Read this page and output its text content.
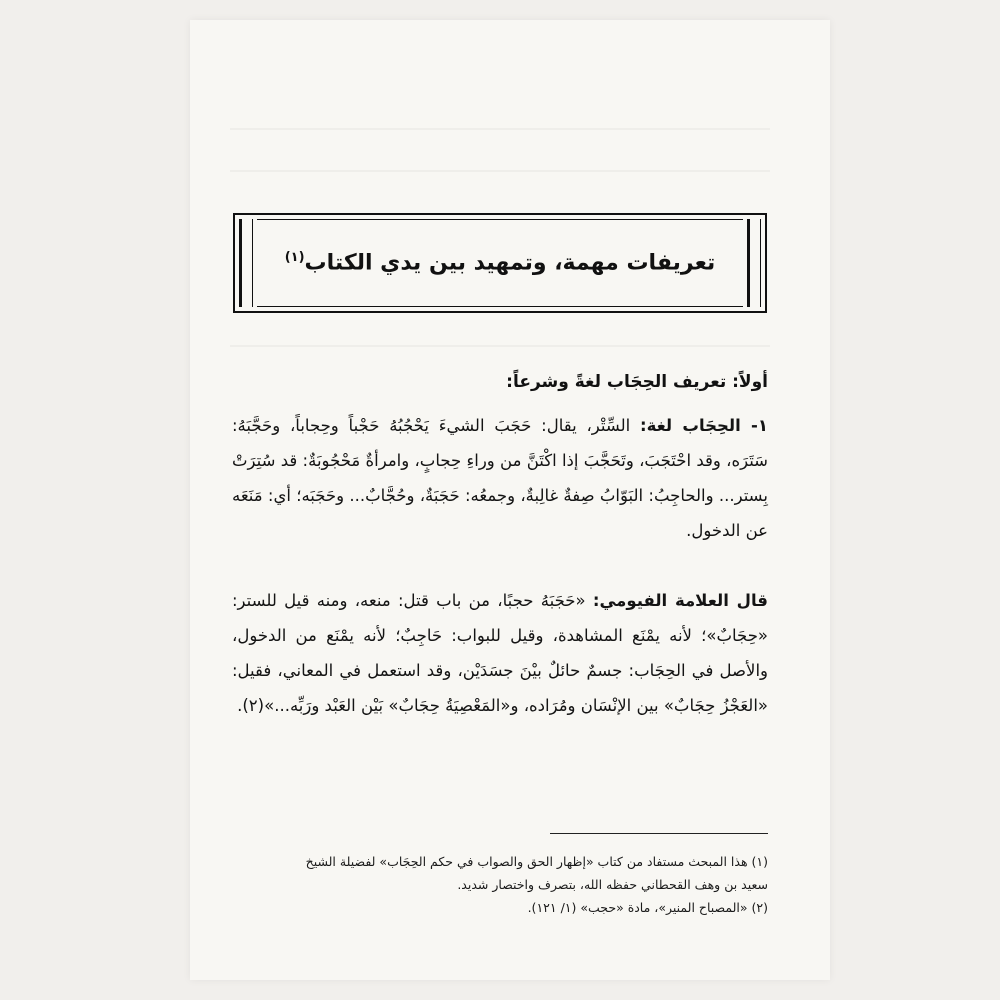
تعريفات مهمة، وتمهيد بين يدي الكتاب$^{(١)}$
أولاً: تعريف الحِجَاب لغةً وشرعاً:
١- الحِجَاب لغة: السِّتْر، يقال: حَجَبَ الشيءَ يَحْجُبُهُ حَجْباً وحِجاباً، وحَجَّبَهُ: سَتَرَه، وقد احْتَجَبَ، وتَحَجَّبَ إذا اكْتَنَّ من وراءِ حِجابٍ، وامرأةٌ مَحْجُوبَةٌ: قد سُتِرَتْ بِستر... والحاجِبُ: البَوّابُ صِفةٌ غالِبةٌ، وجمعُه: حَجَبَةٌ، وحُجَّابٌ... وحَجَبَه؛ أي: مَنَعَه عن الدخول.
قال العلامة الفيومي: «حَجَبَهُ حجبًا، من باب قتل: منعه، ومنه قيل للستر: «حِجَابٌ»؛ لأنه يمْنَع المشاهدة، وقيل للبواب: حَاجِبٌ؛ لأنه يمْنَع من الدخول، والأصل في الحِجَاب: جسمٌ حائلٌ بيْنَ جسَدَيْن، وقد استعمل في المعاني، فقيل: «العَجْزُ حِجَابٌ» بين الإنْسَان ومُرَاده، و«المَعْصِيَةُ حِجَابٌ» بَيْن العَبْد ورَبِّه...»(٢).

(١) هذا المبحث مستفاد من كتاب «إظهار الحق والصواب في حكم الحِجَاب» لفضيلة الشيخ
سعيد بن وهف القحطاني حفظه الله، بتصرف واختصار شديد.

(٢) «المصباح المنير»، مادة «حجب» (١/ ١٢١).
